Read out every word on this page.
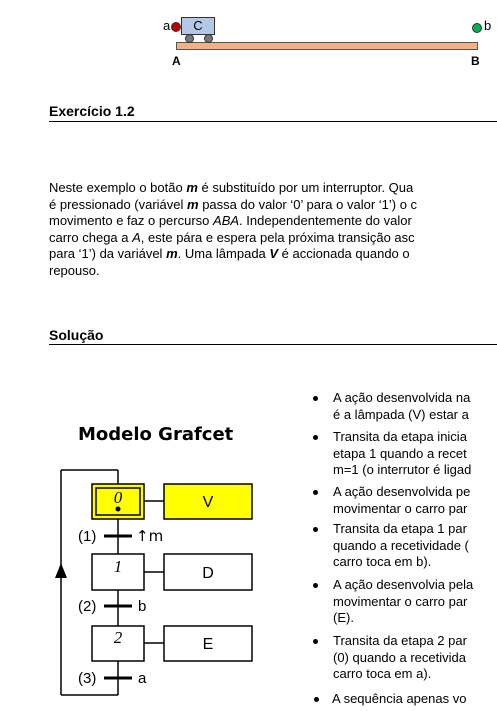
C
a	b
A	B
Exercício 1.2
Neste exemplo o botão m é substituído por um interruptor. Qua
é pressionado (variável m passa do valor ‘0’ para o valor ‘1’) o c
movimento e faz o percurso ABA. Independentemente do valor
carro chega a A, este pára e espera pela próxima transição asc
para ‘1’) da variável m. Uma lâmpada V é accionada quando o
repouso.
Solução
A ação desenvolvida na
é a lâmpada (V) estar a
Transita da etapa inicia
etapa 1 quando a recet
m=1 (o interrutor é ligad
A ação desenvolvida pe
movimentar o carro par
Transita da etapa 1 par
quando a recetividade (
carro toca em b).
A ação desenvolvia pela
movimentar o carro par
(E).
Transita da etapa 2 par
(0) quando a recetivida
carro toca em a).
A sequência apenas vo
Modelo Grafcet
0
1
2
V
D
E
(1)
(2)
(3)
↑m
b
a
